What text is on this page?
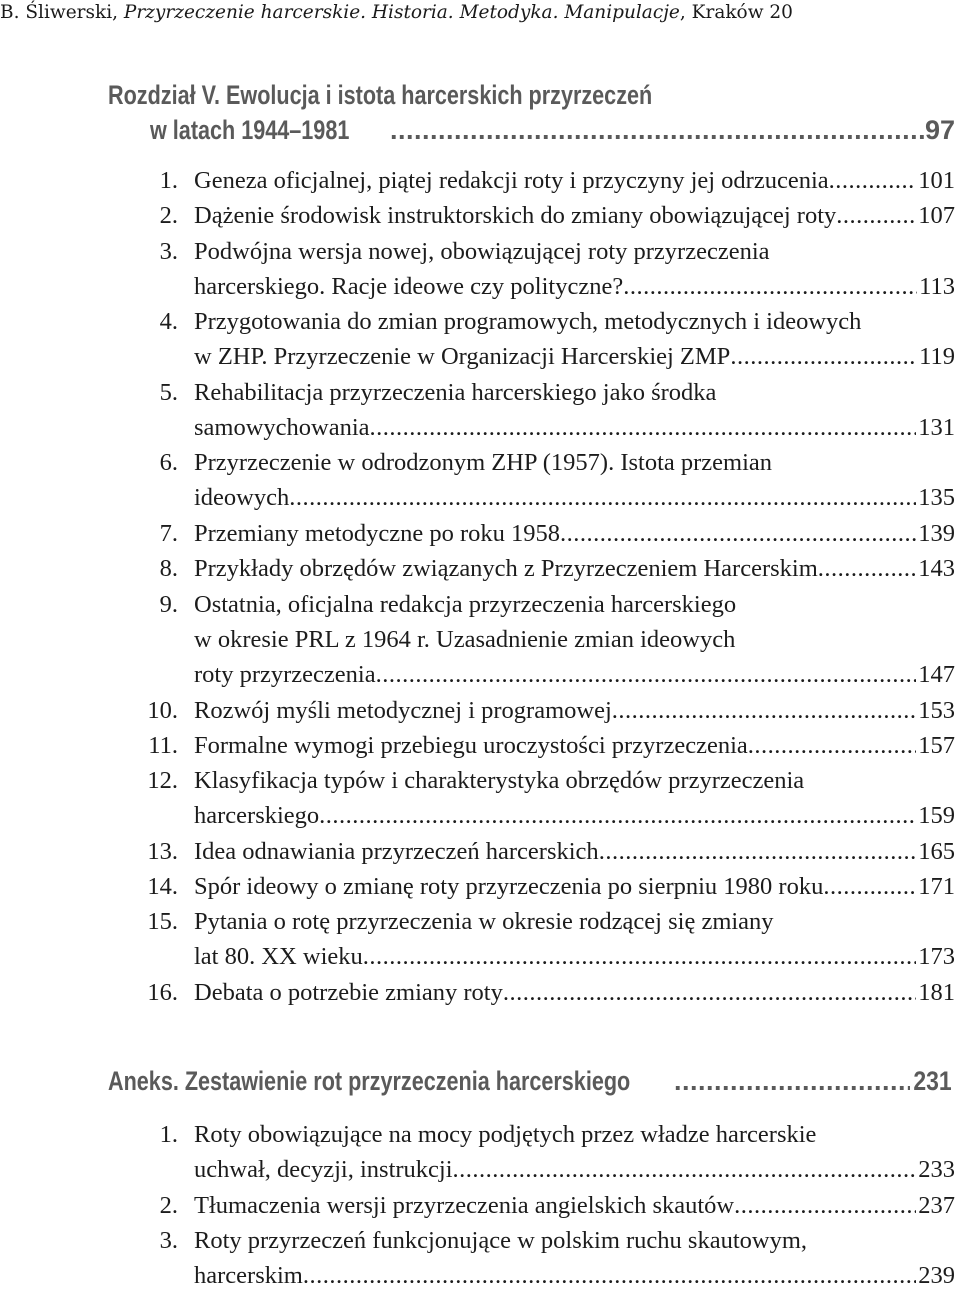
B. Śliwerski, Przyrzeczenie harcerskie. Historia. Metodyka. Manipulacje, Kraków 20
Rozdział V. Ewolucja i istota harcerskich przyrzeczeń
w latach 1944–1981 .....	97
1. Geneza oficjalnej, piątej redakcji roty i przyczyny jej odrzucenia .....	101
2. Dążenie środowisk instruktorskich do zmiany obowiązującej roty .....	107
3. Podwójna wersja nowej, obowiązującej roty przyrzeczenia
harcerskiego. Racje ideowe czy polityczne? .....	113
4. Przygotowania do zmian programowych, metodycznych i ideowych
w ZHP. Przyrzeczenie w Organizacji Harcerskiej ZMP .....	119
5. Rehabilitacja przyrzeczenia harcerskiego jako środka
samowychowania .....	131
6. Przyrzeczenie w odrodzonym ZHP (1957). Istota przemian
ideowych .....	135
7. Przemiany metodyczne po roku 1958 .....	139
8. Przykłady obrzędów związanych z Przyrzeczeniem Harcerskim .....	143
9. Ostatnia, oficjalna redakcja przyrzeczenia harcerskiego
w okresie PRL z 1964 r. Uzasadnienie zmian ideowych
roty przyrzeczenia .....	147
10. Rozwój myśli metodycznej i programowej .....	153
11. Formalne wymogi przebiegu uroczystości przyrzeczenia .....	157
12. Klasyfikacja typów i charakterystyka obrzędów przyrzeczenia
harcerskiego .....	159
13. Idea odnawiania przyrzeczeń harcerskich .....	165
14. Spór ideowy o zmianę roty przyrzeczenia po sierpniu 1980 roku .....	171
15. Pytania o rotę przyrzeczenia w okresie rodzącej się zmiany
lat 80. XX wieku .....	173
16. Debata o potrzebie zmiany roty .....	181
Aneks. Zestawienie rot przyrzeczenia harcerskiego .....	231
1. Roty obowiązujące na mocy podjętych przez władze harcerskie
uchwał, decyzji, instrukcji .....	233
2. Tłumaczenia wersji przyrzeczenia angielskich skautów .....	237
3. Roty przyrzeczeń funkcjonujące w polskim ruchu skautowym,
harcerskim .....	239
